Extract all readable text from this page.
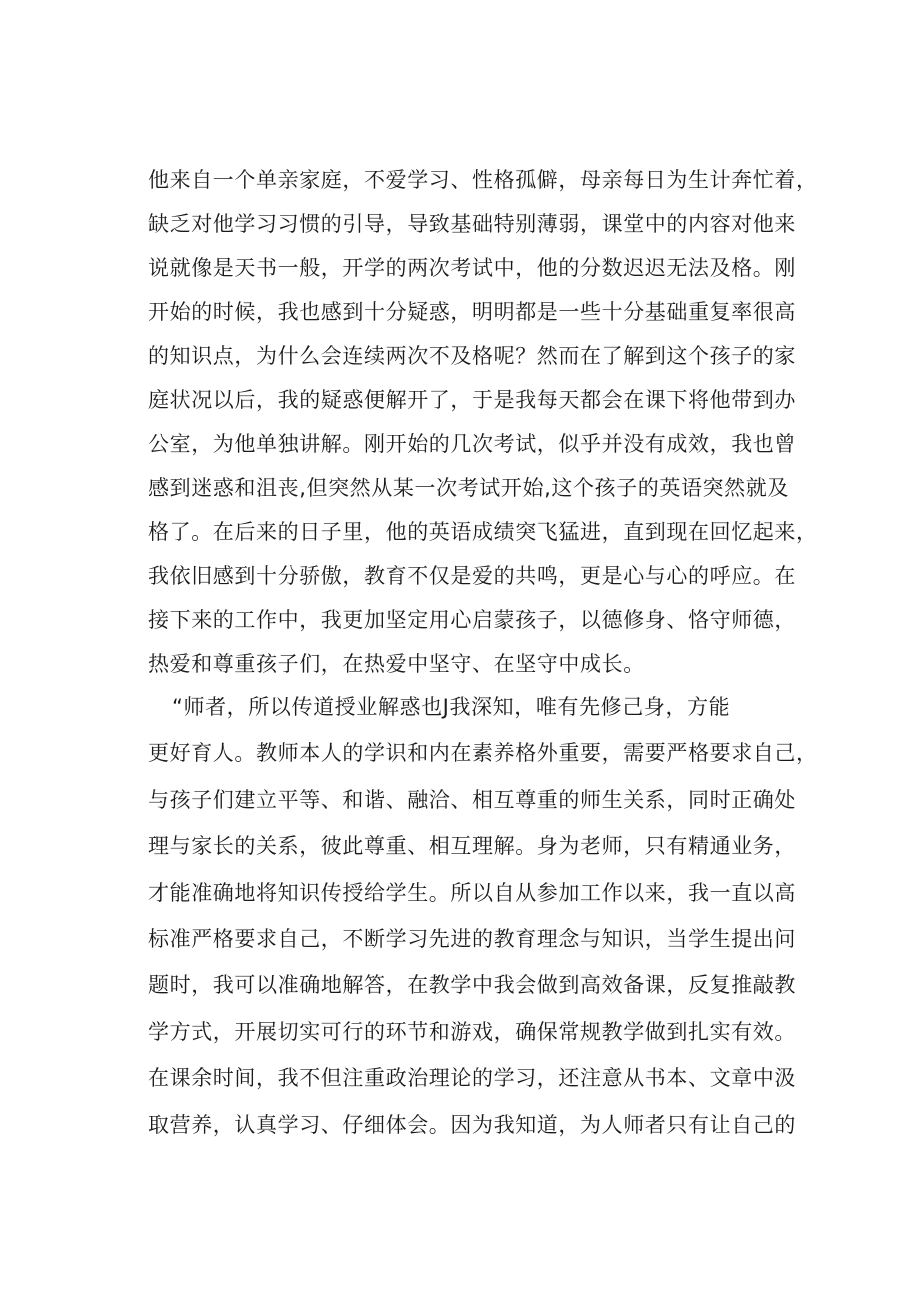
他来自一个单亲家庭，不爱学习、性格孤僻，母亲每日为生计奔忙着，
缺乏对他学习习惯的引导，导致基础特别薄弱，课堂中的内容对他来
说就像是天书一般，开学的两次考试中，他的分数迟迟无法及格。刚
开始的时候，我也感到十分疑惑，明明都是一些十分基础重复率很高
的知识点，为什么会连续两次不及格呢？然而在了解到这个孩子的家
庭状况以后，我的疑惑便解开了，于是我每天都会在课下将他带到办
公室，为他单独讲解。刚开始的几次考试，似乎并没有成效，我也曾
感到迷惑和沮丧,但突然从某一次考试开始,这个孩子的英语突然就及
格了。在后来的日子里，他的英语成绩突飞猛进，直到现在回忆起来，
我依旧感到十分骄傲，教育不仅是爱的共鸣，更是心与心的呼应。在
接下来的工作中，我更加坚定用心启蒙孩子，以德修身、恪守师德，
热爱和尊重孩子们，在热爱中坚守、在坚守中成长。
“师者，所以传道授业解惑也J我深知，唯有先修己身，方能
更好育人。教师本人的学识和内在素养格外重要，需要严格要求自己，
与孩子们建立平等、和谐、融洽、相互尊重的师生关系，同时正确处
理与家长的关系，彼此尊重、相互理解。身为老师，只有精通业务，
才能准确地将知识传授给学生。所以自从参加工作以来，我一直以高
标准严格要求自己，不断学习先进的教育理念与知识，当学生提出问
题时，我可以准确地解答，在教学中我会做到高效备课，反复推敲教
学方式，开展切实可行的环节和游戏，确保常规教学做到扎实有效。
在课余时间，我不但注重政治理论的学习，还注意从书本、文章中汲
取营养，认真学习、仔细体会。因为我知道，为人师者只有让自己的
